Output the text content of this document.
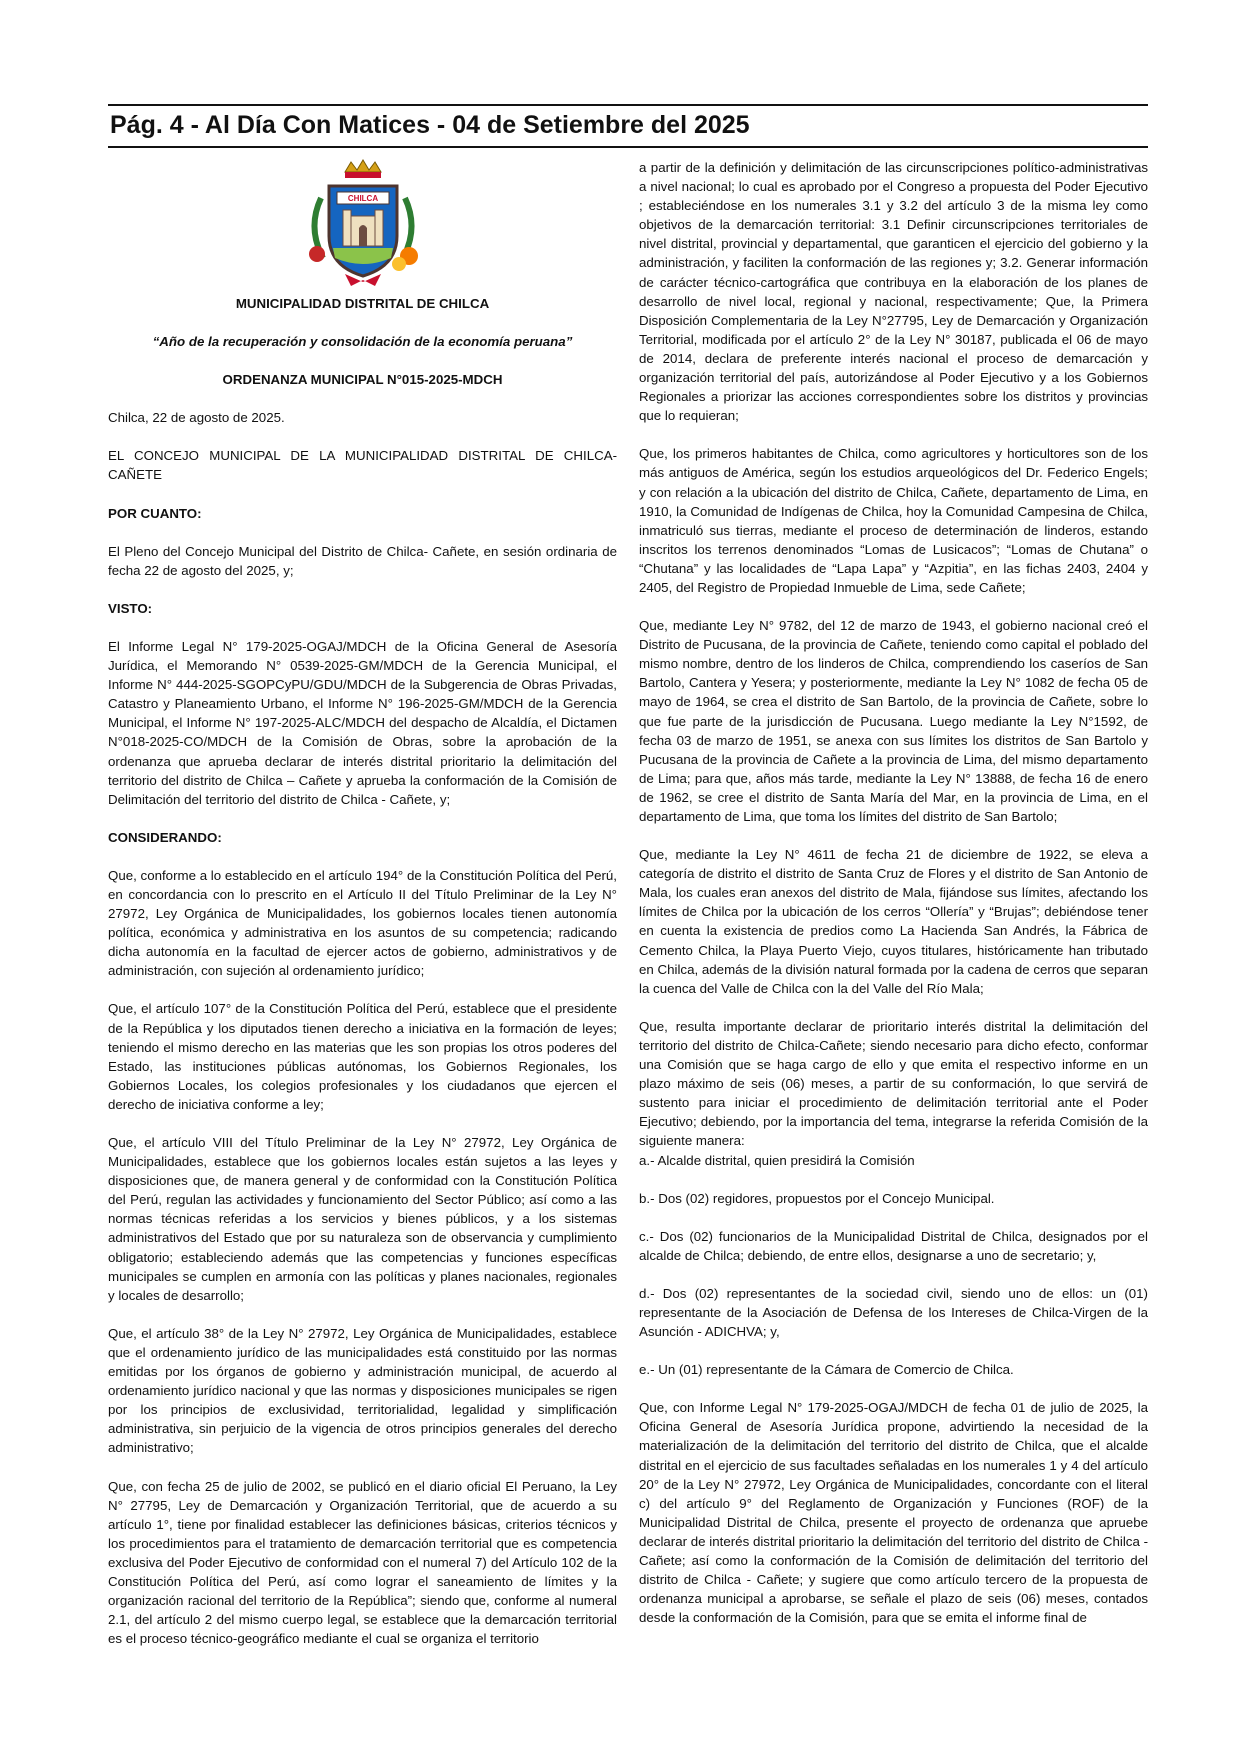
Pág. 4 - Al Día Con Matices - 04 de Setiembre del 2025
CHILCA

MUNICIPALIDAD DISTRITAL DE CHILCA

“Año de la recuperación y consolidación de la economía peruana”

ORDENANZA MUNICIPAL N°015-2025-MDCH

Chilca, 22 de agosto de 2025.

EL CONCEJO MUNICIPAL DE LA MUNICIPALIDAD DISTRITAL DE CHILCA-CAÑETE

POR CUANTO:

El Pleno del Concejo Municipal del Distrito de Chilca- Cañete, en sesión ordinaria de fecha 22 de agosto del 2025, y;

VISTO:

El Informe Legal N° 179-2025-OGAJ/MDCH de la Oficina General de Asesoría Jurídica, el Memorando N° 0539-2025-GM/MDCH de la Gerencia Municipal, el Informe N° 444-2025-SGOPCyPU/GDU/MDCH de la Subgerencia de Obras Privadas, Catastro y Planeamiento Urbano, el Informe N° 196-2025-GM/MDCH de la Gerencia Municipal, el Informe N° 197-2025-ALC/MDCH del despacho de Alcaldía, el Dictamen N°018-2025-CO/MDCH de la Comisión de Obras, sobre la aprobación de la ordenanza que aprueba declarar de interés distrital prioritario la delimitación del territorio del distrito de Chilca – Cañete y aprueba la conformación de la Comisión de Delimitación del territorio del distrito de Chilca - Cañete, y;

CONSIDERANDO:

Que, conforme a lo establecido en el artículo 194° de la Constitución Política del Perú, en concordancia con lo prescrito en el Artículo II del Título Preliminar de la Ley N° 27972, Ley Orgánica de Municipalidades, los gobiernos locales tienen autonomía política, económica y administrativa en los asuntos de su competencia; radicando dicha autonomía en la facultad de ejercer actos de gobierno, administrativos y de administración, con sujeción al ordenamiento jurídico;

Que, el artículo 107° de la Constitución Política del Perú, establece que el presidente de la República y los diputados tienen derecho a iniciativa en la formación de leyes; teniendo el mismo derecho en las materias que les son propias los otros poderes del Estado, las instituciones públicas autónomas, los Gobiernos Regionales, los Gobiernos Locales, los colegios profesionales y los ciudadanos que ejercen el derecho de iniciativa conforme a ley;

Que, el artículo VIII del Título Preliminar de la Ley N° 27972, Ley Orgánica de Municipalidades, establece que los gobiernos locales están sujetos a las leyes y disposiciones que, de manera general y de conformidad con la Constitución Política del Perú, regulan las actividades y funcionamiento del Sector Público; así como a las normas técnicas referidas a los servicios y bienes públicos, y a los sistemas administrativos del Estado que por su naturaleza son de observancia y cumplimiento obligatorio; estableciendo además que las competencias y funciones específicas municipales se cumplen en armonía con las políticas y planes nacionales, regionales y locales de desarrollo;

Que, el artículo 38° de la Ley N° 27972, Ley Orgánica de Municipalidades, establece que el ordenamiento jurídico de las municipalidades está constituido por las normas emitidas por los órganos de gobierno y administración municipal, de acuerdo al ordenamiento jurídico nacional y que las normas y disposiciones municipales se rigen por los principios de exclusividad, territorialidad, legalidad y simplificación administrativa, sin perjuicio de la vigencia de otros principios generales del derecho administrativo;

Que, con fecha 25 de julio de 2002, se publicó en el diario oficial El Peruano, la Ley N° 27795, Ley de Demarcación y Organización Territorial, que de acuerdo a su artículo 1°, tiene por finalidad establecer las definiciones básicas, criterios técnicos y los procedimientos para el tratamiento de demarcación territorial que es competencia exclusiva del Poder Ejecutivo de conformidad con el numeral 7) del Artículo 102 de la Constitución Política del Perú, así como lograr el saneamiento de límites y la organización racional del territorio de la República”; siendo que, conforme al numeral 2.1, del artículo 2 del mismo cuerpo legal, se establece que la demarcación territorial es el proceso técnico-geográfico mediante el cual se organiza el territorio

a partir de la definición y delimitación de las circunscripciones político-administrativas a nivel nacional; lo cual es aprobado por el Congreso a propuesta del Poder Ejecutivo ; estableciéndose en los numerales 3.1 y 3.2 del artículo 3 de la misma ley como objetivos de la demarcación territorial: 3.1 Definir circunscripciones territoriales de nivel distrital, provincial y departamental, que garanticen el ejercicio del gobierno y la administración, y faciliten la conformación de las regiones y; 3.2. Generar información de carácter técnico-cartográfica que contribuya en la elaboración de los planes de desarrollo de nivel local, regional y nacional, respectivamente; Que, la Primera Disposición Complementaria de la Ley N°27795, Ley de Demarcación y Organización Territorial, modificada por el artículo 2° de la Ley N° 30187, publicada el 06 de mayo de 2014, declara de preferente interés nacional el proceso de demarcación y organización territorial del país, autorizándose al Poder Ejecutivo y a los Gobiernos Regionales a priorizar las acciones correspondientes sobre los distritos y provincias que lo requieran;

Que, los primeros habitantes de Chilca, como agricultores y horticultores son de los más antiguos de América, según los estudios arqueológicos del Dr. Federico Engels; y con relación a la ubicación del distrito de Chilca, Cañete, departamento de Lima, en 1910, la Comunidad de Indígenas de Chilca, hoy la Comunidad Campesina de Chilca, inmatriculó sus tierras, mediante el proceso de determinación de linderos, estando inscritos los terrenos denominados “Lomas de Lusicacos”; “Lomas de Chutana” o “Chutana” y las localidades de “Lapa Lapa” y “Azpitia”, en las fichas 2403, 2404 y 2405, del Registro de Propiedad Inmueble de Lima, sede Cañete;

Que, mediante Ley N° 9782, del 12 de marzo de 1943, el gobierno nacional creó el Distrito de Pucusana, de la provincia de Cañete, teniendo como capital el poblado del mismo nombre, dentro de los linderos de Chilca, comprendiendo los caseríos de San Bartolo, Cantera y Yesera; y posteriormente, mediante la Ley N° 1082 de fecha 05 de mayo de 1964, se crea el distrito de San Bartolo, de la provincia de Cañete, sobre lo que fue parte de la jurisdicción de Pucusana. Luego mediante la Ley N°1592, de fecha 03 de marzo de 1951, se anexa con sus límites los distritos de San Bartolo y Pucusana de la provincia de Cañete a la provincia de Lima, del mismo departamento de Lima; para que, años más tarde, mediante la Ley N° 13888, de fecha 16 de enero de 1962, se cree el distrito de Santa María del Mar, en la provincia de Lima, en el departamento de Lima, que toma los límites del distrito de San Bartolo;

Que, mediante la Ley N° 4611 de fecha 21 de diciembre de 1922, se eleva a categoría de distrito el distrito de Santa Cruz de Flores y el distrito de San Antonio de Mala, los cuales eran anexos del distrito de Mala, fijándose sus límites, afectando los límites de Chilca por la ubicación de los cerros “Ollería” y “Brujas”; debiéndose tener en cuenta la existencia de predios como La Hacienda San Andrés, la Fábrica de Cemento Chilca, la Playa Puerto Viejo, cuyos titulares, históricamente han tributado en Chilca, además de la división natural formada por la cadena de cerros que separan la cuenca del Valle de Chilca con la del Valle del Río Mala;

Que, resulta importante declarar de prioritario interés distrital la delimitación del territorio del distrito de Chilca-Cañete; siendo necesario para dicho efecto, conformar una Comisión que se haga cargo de ello y que emita el respectivo informe en un plazo máximo de seis (06) meses, a partir de su conformación, lo que servirá de sustento para iniciar el procedimiento de delimitación territorial ante el Poder Ejecutivo; debiendo, por la importancia del tema, integrarse la referida Comisión de la siguiente manera:

a.- Alcalde distrital, quien presidirá la Comisión

b.- Dos (02) regidores, propuestos por el Concejo Municipal.

c.- Dos (02) funcionarios de la Municipalidad Distrital de Chilca, designados por el alcalde de Chilca; debiendo, de entre ellos, designarse a uno de secretario; y,

d.- Dos (02) representantes de la sociedad civil, siendo uno de ellos: un (01) representante de la Asociación de Defensa de los Intereses de Chilca-Virgen de la Asunción - ADICHVA; y,

e.- Un (01) representante de la Cámara de Comercio de Chilca.

Que, con Informe Legal N° 179-2025-OGAJ/MDCH de fecha 01 de julio de 2025, la Oficina General de Asesoría Jurídica propone, advirtiendo la necesidad de la materialización de la delimitación del territorio del distrito de Chilca, que el alcalde distrital en el ejercicio de sus facultades señaladas en los numerales 1 y 4 del artículo 20° de la Ley N° 27972, Ley Orgánica de Municipalidades, concordante con el literal c) del artículo 9° del Reglamento de Organización y Funciones (ROF) de la Municipalidad Distrital de Chilca, presente el proyecto de ordenanza que apruebe declarar de interés distrital prioritario la delimitación del territorio del distrito de Chilca - Cañete; así como la conformación de la Comisión de delimitación del territorio del distrito de Chilca - Cañete; y sugiere que como artículo tercero de la propuesta de ordenanza municipal a aprobarse, se señale el plazo de seis (06) meses, contados desde la conformación de la Comisión, para que se emita el informe final de
